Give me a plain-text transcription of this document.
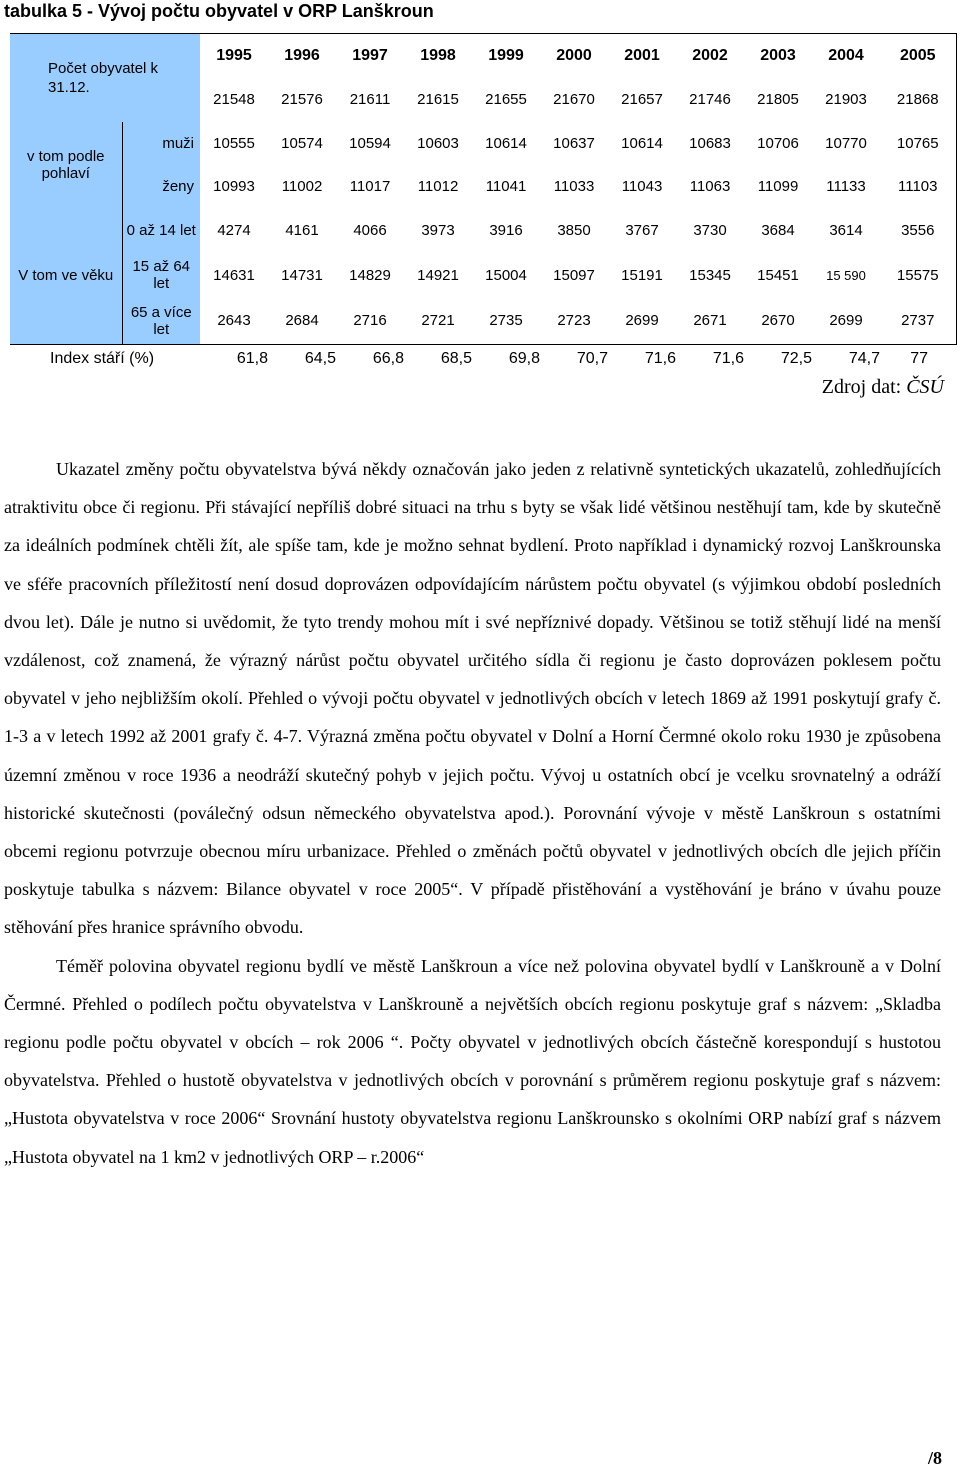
tabulka 5 - Vývoj počtu obyvatel v ORP Lanškroun
Počet obyvatel k 31.12.		1995	1996	1997	1998	1999	2000	2001	2002	2003	2004	2005
		21548	21576	21611	21615	21655	21670	21657	21746	21805	21903	21868
v tom podle pohlaví	muži	10555	10574	10594	10603	10614	10637	10614	10683	10706	10770	10765
	ženy	10993	11002	11017	11012	11041	11033	11043	11063	11099	11133	11103
V tom ve věku	0 až 14 let	4274	4161	4066	3973	3916	3850	3767	3730	3684	3614	3556
	15 až 64 let	14631	14731	14829	14921	15004	15097	15191	15345	15451	15 590	15575
	65 a více let	2643	2684	2716	2721	2735	2723	2699	2671	2670	2699	2737
Index stáří (%)	61,8	64,5	66,8	68,5	69,8	70,7	71,6	71,6	72,5	74,7	77
Zdroj dat: ČSÚ

Ukazatel změny počtu obyvatelstva bývá někdy označován jako jeden z relativně syntetických ukazatelů, zohledňujících atraktivitu obce či regionu. Při stávající nepříliš dobré situaci na trhu s byty se však lidé většinou nestěhují tam, kde by skutečně za ideálních podmínek chtěli žít, ale spíše tam, kde je možno sehnat bydlení. Proto například i dynamický rozvoj Lanškrounska ve sféře pracovních příležitostí není dosud doprovázen odpovídajícím nárůstem počtu obyvatel (s výjimkou období posledních dvou let). Dále je nutno si uvědomit, že tyto trendy mohou mít i své nepříznivé dopady. Většinou se totiž stěhují lidé na menší vzdálenost, což znamená, že výrazný nárůst počtu obyvatel určitého sídla či regionu je často doprovázen poklesem počtu obyvatel v jeho nejbližším okolí. Přehled o vývoji počtu obyvatel v jednotlivých obcích v letech 1869 až 1991 poskytují grafy č. 1-3 a v letech 1992 až 2001 grafy č. 4-7. Výrazná změna počtu obyvatel v Dolní a Horní Čermné okolo roku 1930 je způsobena územní změnou v roce 1936 a neodráží skutečný pohyb v jejich počtu. Vývoj u ostatních obcí je vcelku srovnatelný a odráží historické skutečnosti (poválečný odsun německého obyvatelstva apod.). Porovnání vývoje v městě Lanškroun s ostatními obcemi regionu potvrzuje obecnou míru urbanizace. Přehled o změnách počtů obyvatel v jednotlivých obcích dle jejich příčin poskytuje tabulka s názvem: Bilance obyvatel v roce 2005“. V případě přistěhování a vystěhování je bráno v úvahu pouze stěhování přes hranice správního obvodu.

Téměř polovina obyvatel regionu bydlí ve městě Lanškroun a více než polovina obyvatel bydlí v Lanškrouně a v Dolní Čermné. Přehled o podílech počtu obyvatelstva v Lanškrouně a největších obcích regionu poskytuje graf s názvem: „Skladba regionu podle počtu obyvatel v obcích – rok 2006 “. Počty obyvatel v jednotlivých obcích částečně korespondují s hustotou obyvatelstva. Přehled o hustotě obyvatelstva v jednotlivých obcích v porovnání s průměrem regionu poskytuje graf s názvem: „Hustota obyvatelstva v roce 2006“ Srovnání hustoty obyvatelstva regionu Lanškrounsko s okolními ORP nabízí graf s názvem „Hustota obyvatel na 1 km2 v jednotlivých ORP – r.2006“

/8
